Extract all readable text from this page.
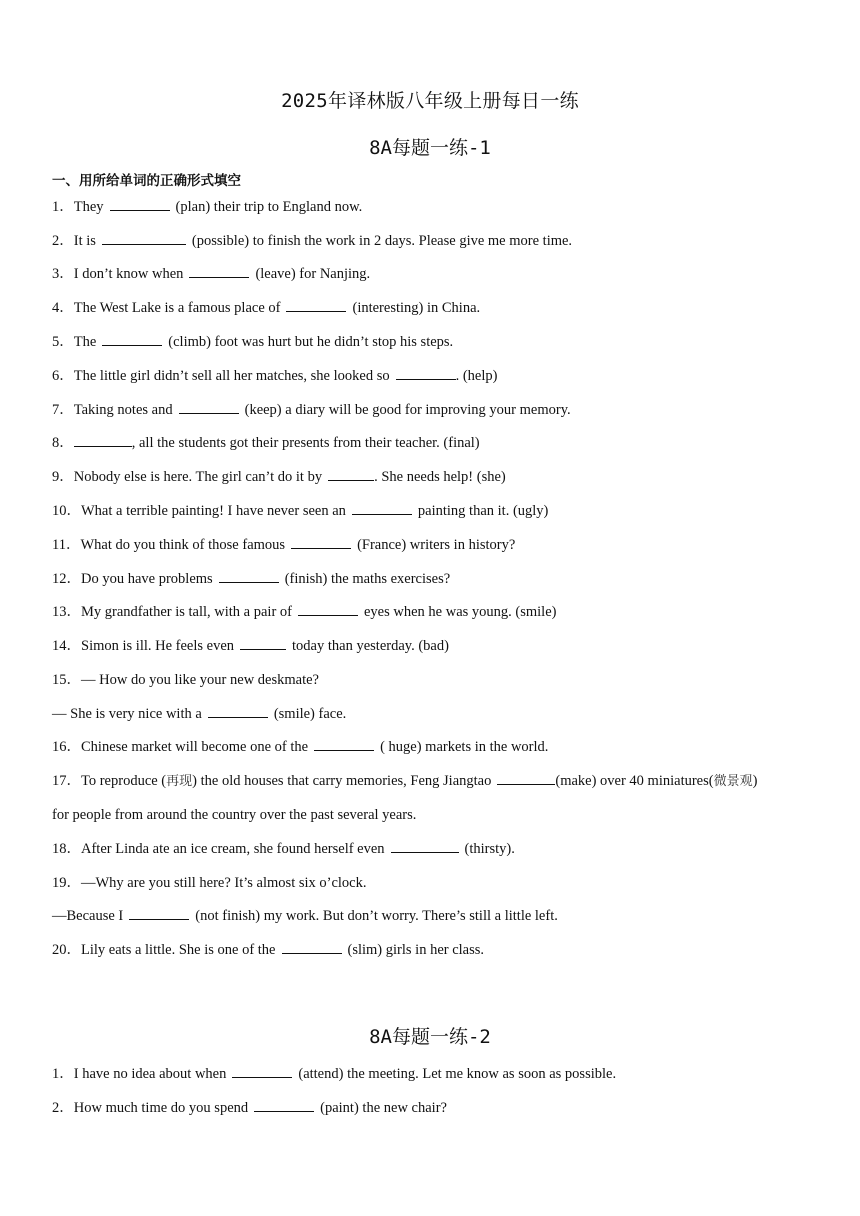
2025年译林版八年级上册每日一练
8A每题一练-1
一、用所给单词的正确形式填空
1．They	(plan) their trip to England now.
2．It is	(possible) to finish the work in 2 days. Please give me more time.
3．I don’t know when	(leave) for Nanjing.
4．The West Lake is a famous place of	(interesting) in China.
5．The	(climb) foot was hurt but he didn’t stop his steps.
6．The little girl didn’t sell all her matches, she looked so	. (help)
7．Taking notes and	(keep) a diary will be good for improving your memory.
8．	, all the students got their presents from their teacher. (final)
9．Nobody else is here. The girl can’t do it by	. She needs help! (she)
10．What a terrible painting! I have never seen an	painting than it. (ugly)
11．What do you think of those famous	(France) writers in history?
12．Do you have problems	(finish) the maths exercises?
13．My grandfather is tall, with a pair of	eyes when he was young. (smile)
14．Simon is ill. He feels even	today than yesterday. (bad)
15．— How do you like your new deskmate?
— She is very nice with a	(smile) face.
16．Chinese market will become one of the	( huge) markets in the world.
17．To reproduce (再现) the old houses that carry memories, Feng Jiangtao	(make) over 40 miniatures(微景观)
for people from around the country over the past several years.
18．After Linda ate an ice cream, she found herself even	(thirsty).
19．—Why are you still here? It’s almost six o’clock.
—Because I	(not finish) my work. But don’t worry. There’s still a little left.
20．Lily eats a little. She is one of the	(slim) girls in her class.
8A每题一练-2
1．I have no idea about when	(attend) the meeting. Let me know as soon as possible.
2．How much time do you spend	(paint) the new chair?
